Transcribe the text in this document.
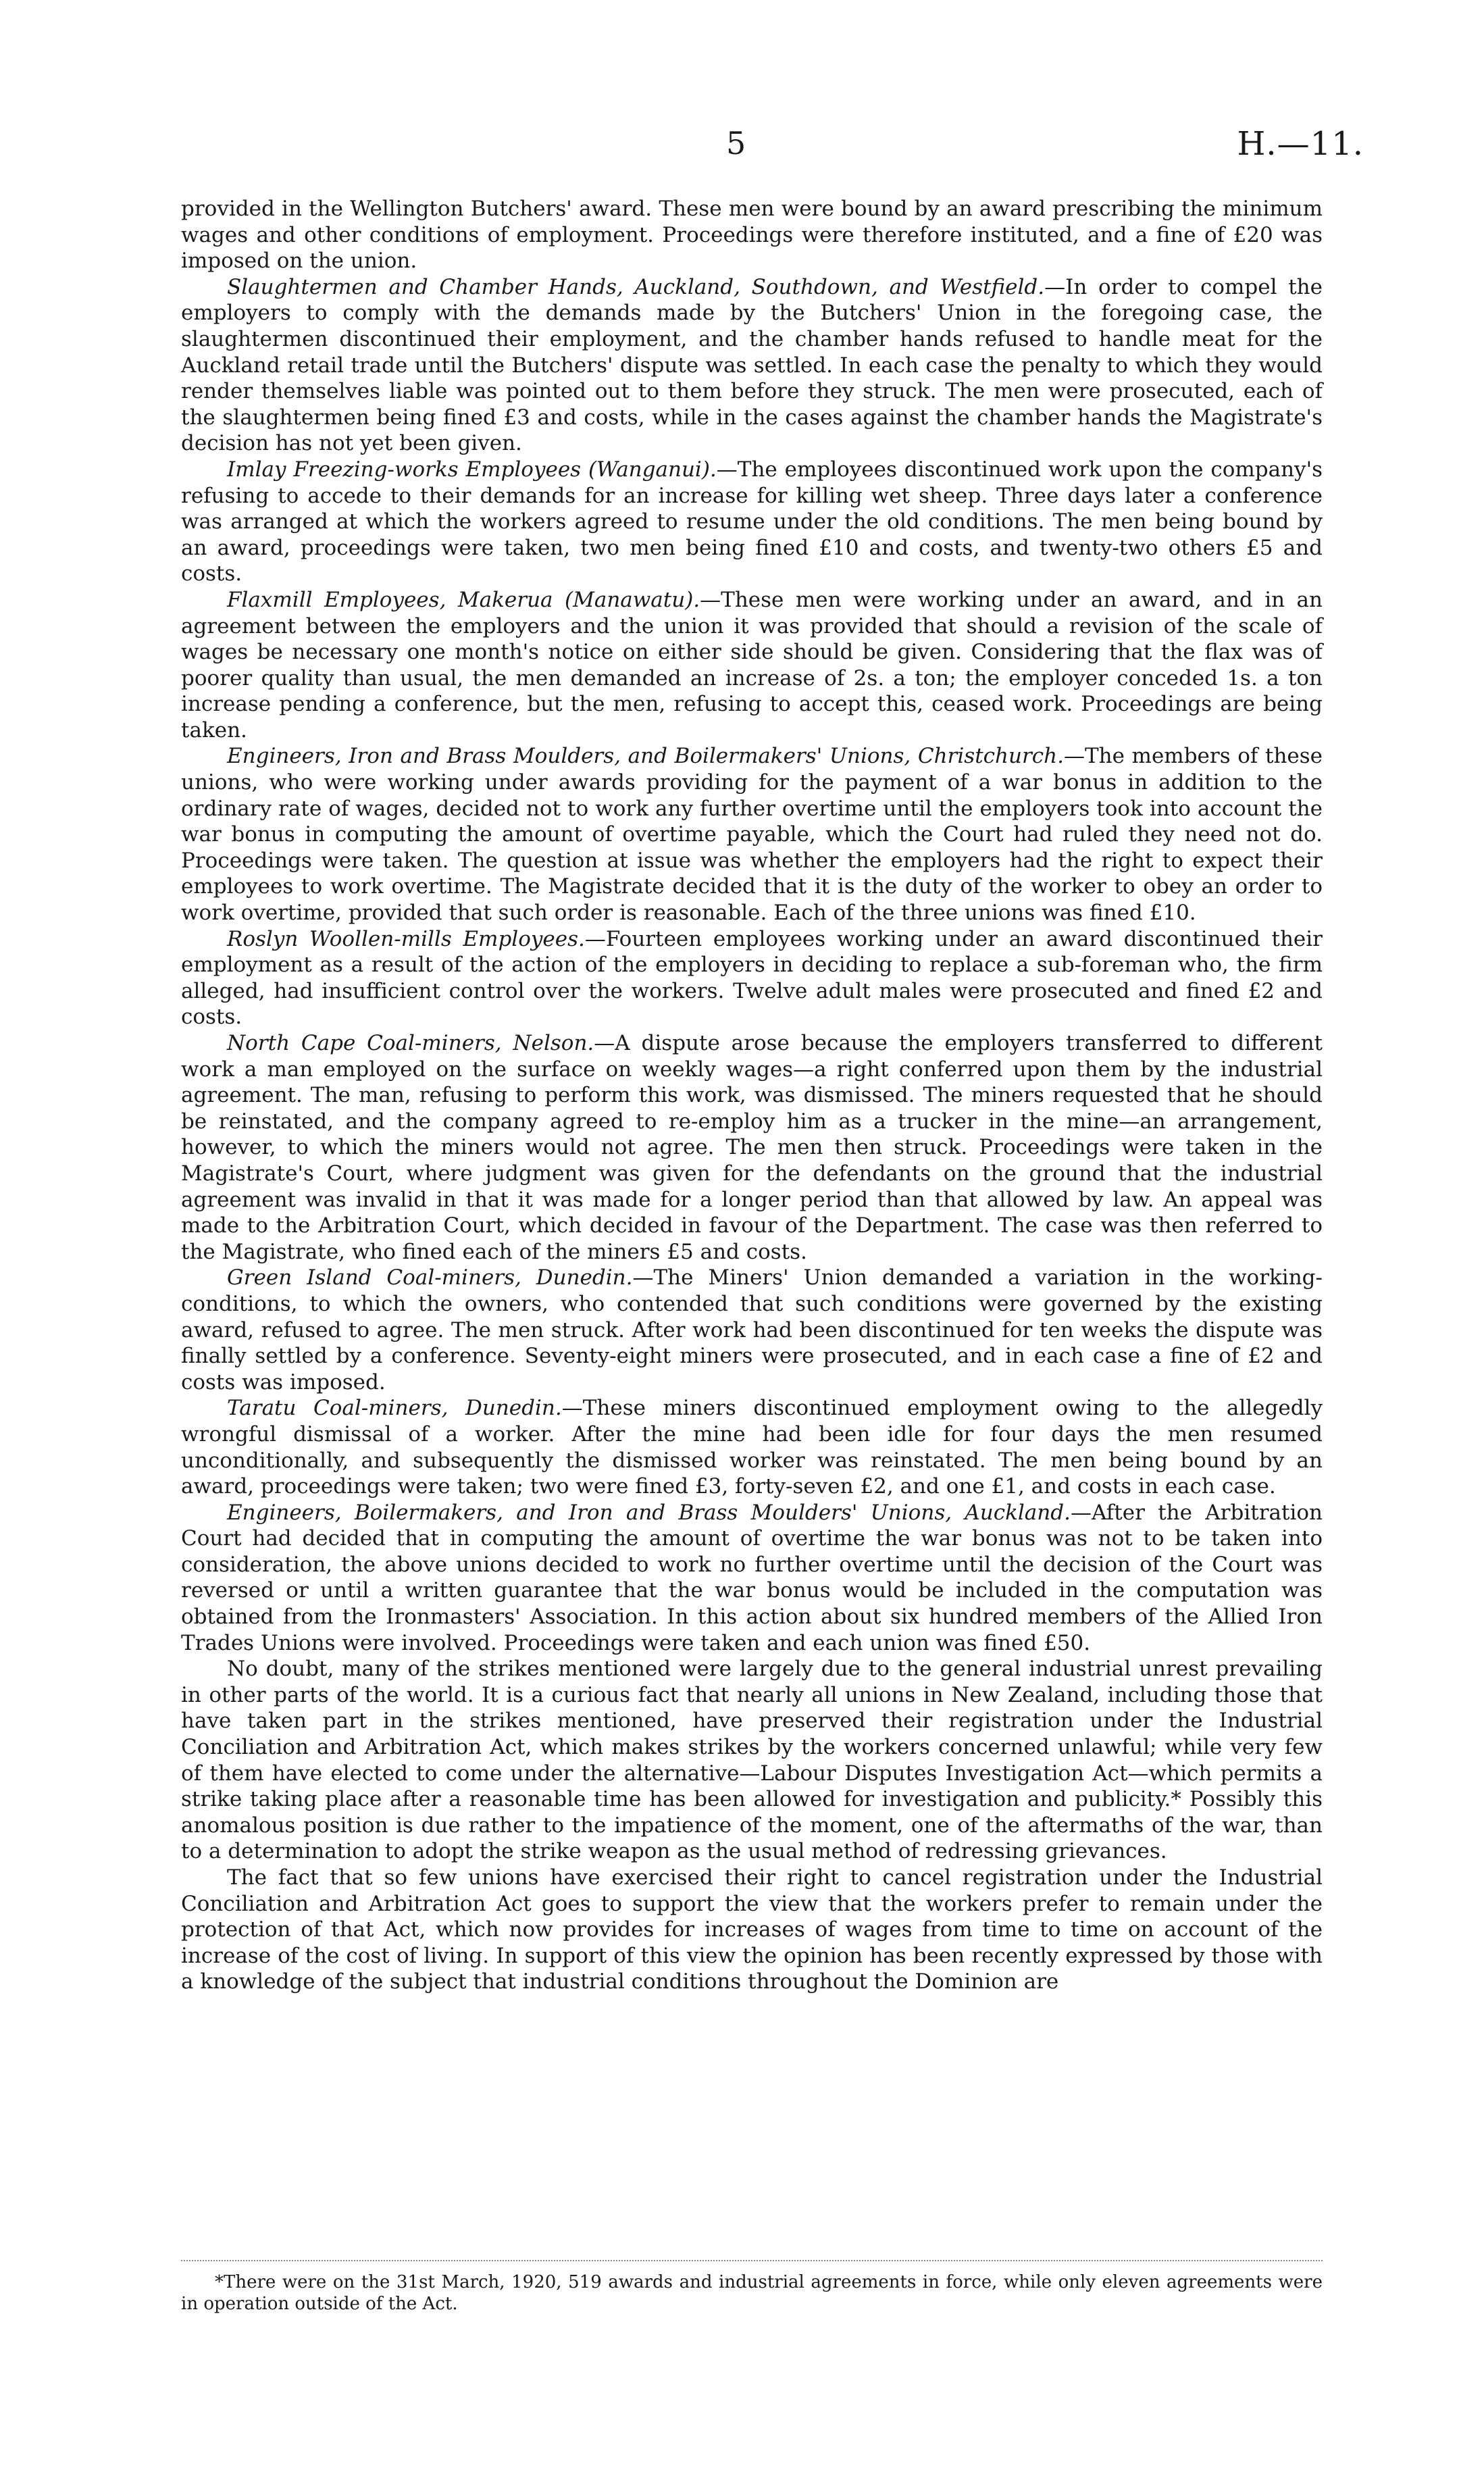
5	H.—11.

provided in the Wellington Butchers' award. These men were bound by an award prescribing the minimum wages and other conditions of employment. Proceedings were therefore instituted, and a fine of £20 was imposed on the union.

Slaughtermen and Chamber Hands, Auckland, Southdown, and Westfield.—In order to compel the employers to comply with the demands made by the Butchers' Union in the foregoing case, the slaughtermen discontinued their employment, and the chamber hands refused to handle meat for the Auckland retail trade until the Butchers' dispute was settled. In each case the penalty to which they would render themselves liable was pointed out to them before they struck. The men were prosecuted, each of the slaughtermen being fined £3 and costs, while in the cases against the chamber hands the Magistrate's decision has not yet been given.

Imlay Freezing-works Employees (Wanganui).—The employees discontinued work upon the company's refusing to accede to their demands for an increase for killing wet sheep. Three days later a conference was arranged at which the workers agreed to resume under the old conditions. The men being bound by an award, proceedings were taken, two men being fined £10 and costs, and twenty-two others £5 and costs.

Flaxmill Employees, Makerua (Manawatu).—These men were working under an award, and in an agreement between the employers and the union it was provided that should a revision of the scale of wages be necessary one month's notice on either side should be given. Considering that the flax was of poorer quality than usual, the men demanded an increase of 2s. a ton; the employer conceded 1s. a ton increase pending a conference, but the men, refusing to accept this, ceased work. Proceedings are being taken.

Engineers, Iron and Brass Moulders, and Boilermakers' Unions, Christchurch.—The members of these unions, who were working under awards providing for the payment of a war bonus in addition to the ordinary rate of wages, decided not to work any further overtime until the employers took into account the war bonus in computing the amount of overtime payable, which the Court had ruled they need not do. Proceedings were taken. The question at issue was whether the employers had the right to expect their employees to work overtime. The Magistrate decided that it is the duty of the worker to obey an order to work overtime, provided that such order is reasonable. Each of the three unions was fined £10.

Roslyn Woollen-mills Employees.—Fourteen employees working under an award discontinued their employment as a result of the action of the employers in deciding to replace a sub-foreman who, the firm alleged, had insufficient control over the workers. Twelve adult males were prosecuted and fined £2 and costs.

North Cape Coal-miners, Nelson.—A dispute arose because the employers transferred to different work a man employed on the surface on weekly wages—a right conferred upon them by the industrial agreement. The man, refusing to perform this work, was dismissed. The miners requested that he should be reinstated, and the company agreed to re-employ him as a trucker in the mine—an arrangement, however, to which the miners would not agree. The men then struck. Proceedings were taken in the Magistrate's Court, where judgment was given for the defendants on the ground that the industrial agreement was invalid in that it was made for a longer period than that allowed by law. An appeal was made to the Arbitration Court, which decided in favour of the Department. The case was then referred to the Magistrate, who fined each of the miners £5 and costs.

Green Island Coal-miners, Dunedin.—The Miners' Union demanded a variation in the working-conditions, to which the owners, who contended that such conditions were governed by the existing award, refused to agree. The men struck. After work had been discontinued for ten weeks the dispute was finally settled by a conference. Seventy-eight miners were prosecuted, and in each case a fine of £2 and costs was imposed.

Taratu Coal-miners, Dunedin.—These miners discontinued employment owing to the allegedly wrongful dismissal of a worker. After the mine had been idle for four days the men resumed unconditionally, and subsequently the dismissed worker was reinstated. The men being bound by an award, proceedings were taken; two were fined £3, forty-seven £2, and one £1, and costs in each case.

Engineers, Boilermakers, and Iron and Brass Moulders' Unions, Auckland.—After the Arbitration Court had decided that in computing the amount of overtime the war bonus was not to be taken into consideration, the above unions decided to work no further overtime until the decision of the Court was reversed or until a written guarantee that the war bonus would be included in the computation was obtained from the Ironmasters' Association. In this action about six hundred members of the Allied Iron Trades Unions were involved. Proceedings were taken and each union was fined £50.

No doubt, many of the strikes mentioned were largely due to the general industrial unrest prevailing in other parts of the world. It is a curious fact that nearly all unions in New Zealand, including those that have taken part in the strikes mentioned, have preserved their registration under the Industrial Conciliation and Arbitration Act, which makes strikes by the workers concerned unlawful; while very few of them have elected to come under the alternative—Labour Disputes Investigation Act—which permits a strike taking place after a reasonable time has been allowed for investigation and publicity.* Possibly this anomalous position is due rather to the impatience of the moment, one of the aftermaths of the war, than to a determination to adopt the strike weapon as the usual method of redressing grievances.

The fact that so few unions have exercised their right to cancel registration under the Industrial Conciliation and Arbitration Act goes to support the view that the workers prefer to remain under the protection of that Act, which now provides for increases of wages from time to time on account of the increase of the cost of living. In support of this view the opinion has been recently expressed by those with a knowledge of the subject that industrial conditions throughout the Dominion are

*There were on the 31st March, 1920, 519 awards and industrial agreements in force, while only eleven agreements were in operation outside of the Act.
